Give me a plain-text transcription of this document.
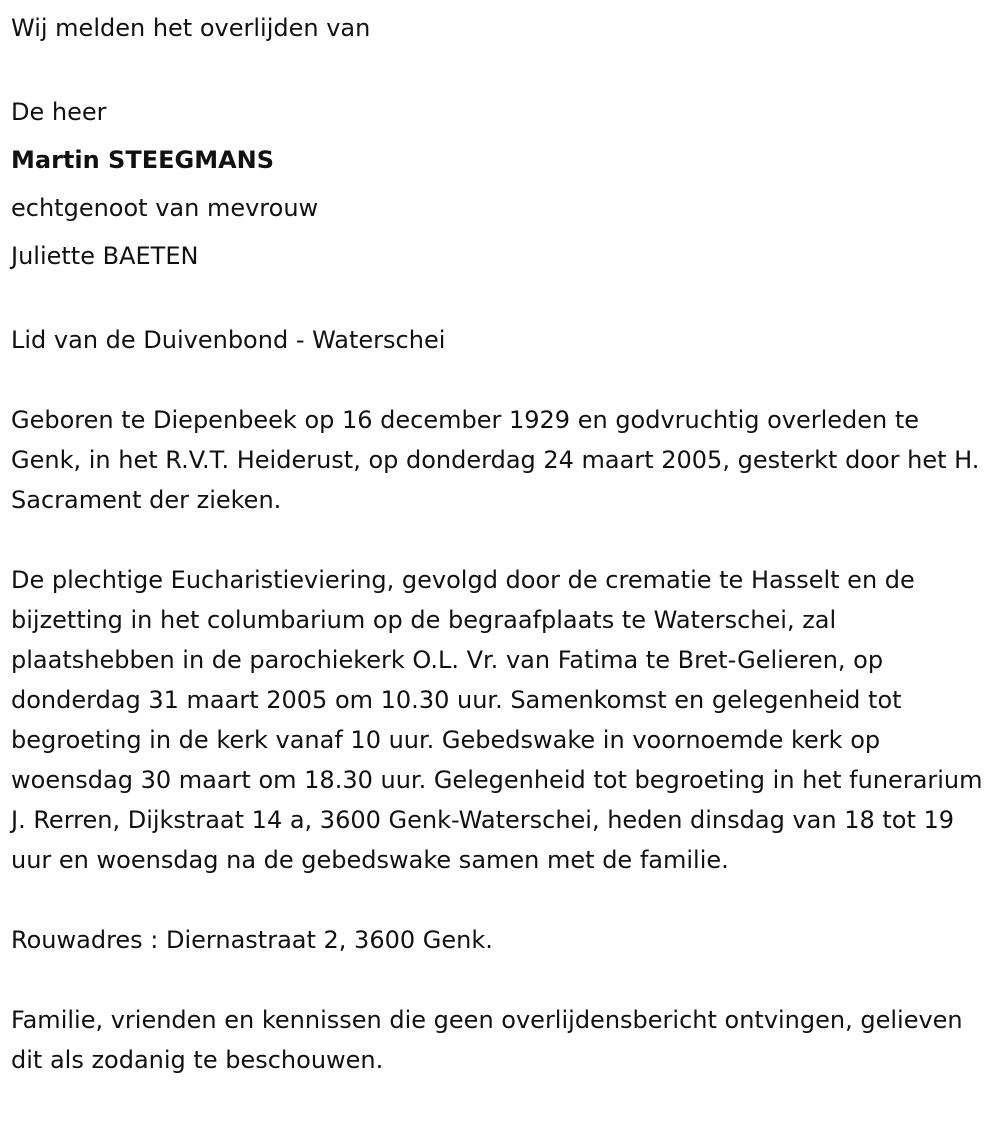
Wij melden het overlijden van

De heer

Martin STEEGMANS

echtgenoot van mevrouw

Juliette BAETEN

Lid van de Duivenbond - Waterschei

Geboren te Diepenbeek op 16 december 1929 en godvruchtig overleden te Genk, in het R.V.T. Heiderust, op donderdag 24 maart 2005, gesterkt door het H. Sacrament der zieken.

De plechtige Eucharistieviering, gevolgd door de crematie te Hasselt en de bijzetting in het columbarium op de begraafplaats te Waterschei, zal plaatshebben in de parochiekerk O.L. Vr. van Fatima te Bret-Gelieren, op donderdag 31 maart 2005 om 10.30 uur. Samenkomst en gelegenheid tot begroeting in de kerk vanaf 10 uur. Gebedswake in voornoemde kerk op woensdag 30 maart om 18.30 uur. Gelegenheid tot begroeting in het funerarium J. Rerren, Dijkstraat 14 a, 3600 Genk-Waterschei, heden dinsdag van 18 tot 19 uur en woensdag na de gebedswake samen met de familie.

Rouwadres : Diernastraat 2, 3600 Genk.

Familie, vrienden en kennissen die geen overlijdensbericht ontvingen, gelieven dit als zodanig te beschouwen.
